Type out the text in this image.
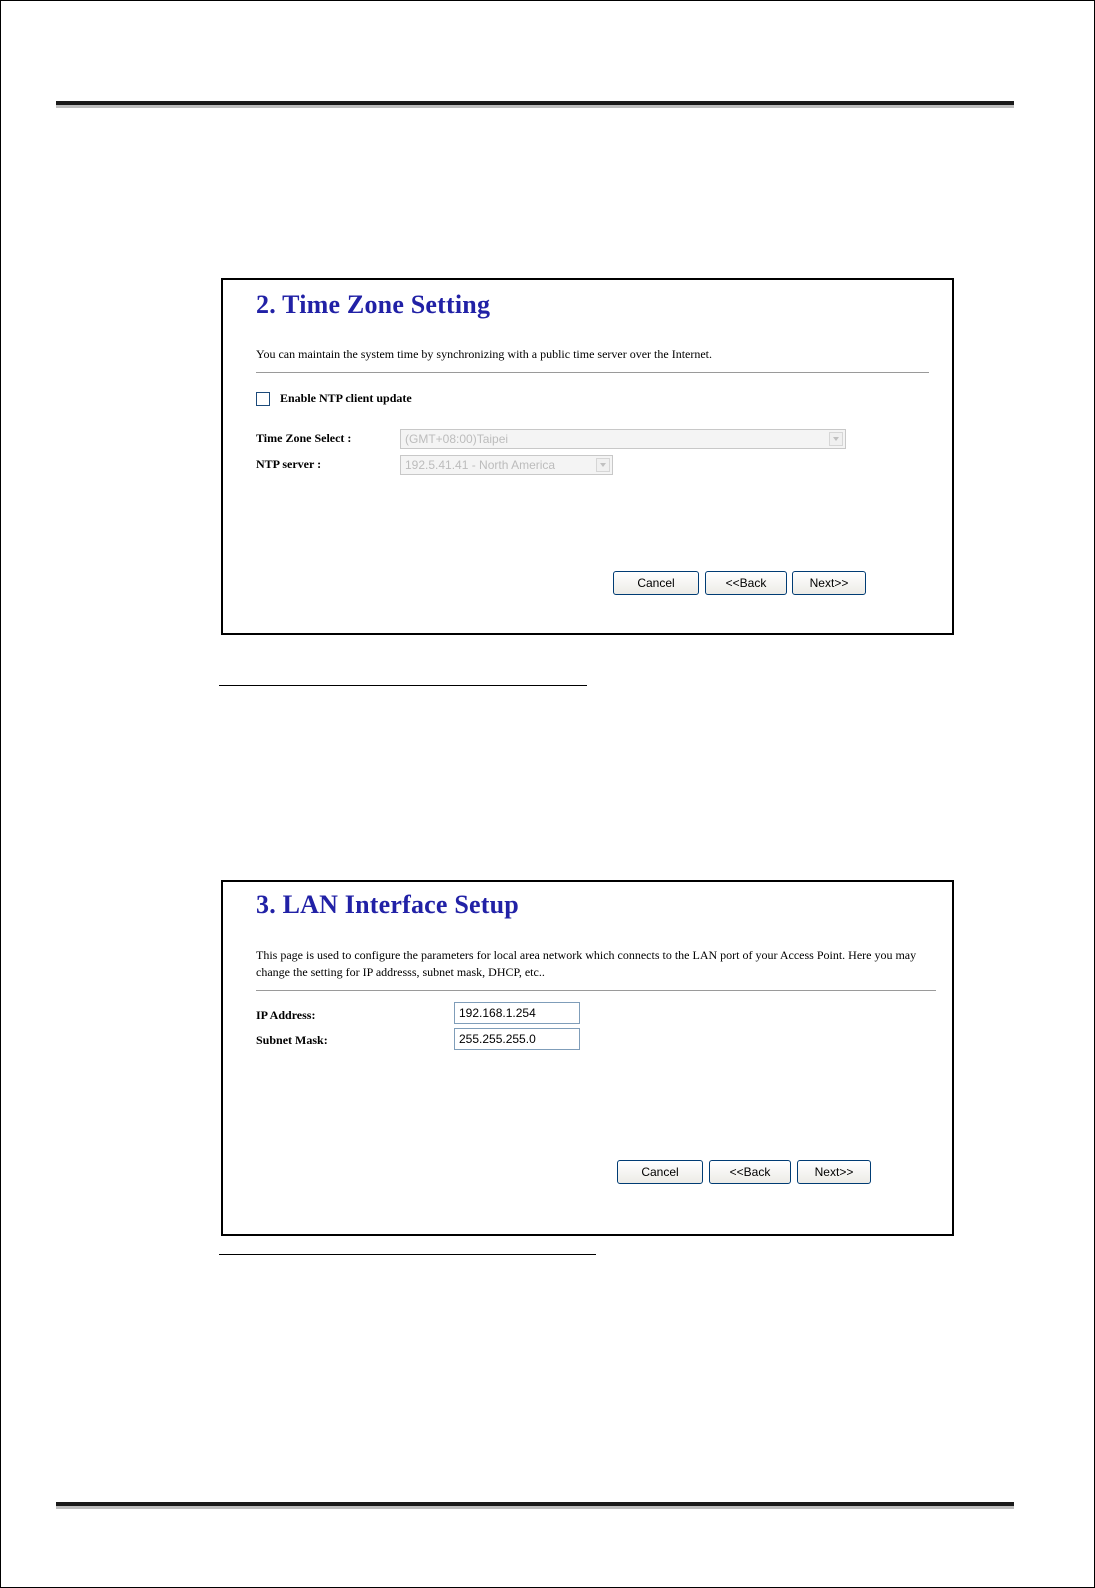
2. Time Zone Setting
You can maintain the system time by synchronizing with a public time server over the Internet.
Enable NTP client update
Time Zone Select :	(GMT+08:00)Taipei
NTP server :	192.5.41.41 - North America
Cancel	<<Back	Next>>
3. LAN Interface Setup
This page is used to configure the parameters for local area network which connects to the LAN port of your Access Point. Here you may change the setting for IP addresss, subnet mask, DHCP, etc..
IP Address:
192.168.1.254
Subnet Mask:
255.255.255.0
Cancel	<<Back	Next>>
